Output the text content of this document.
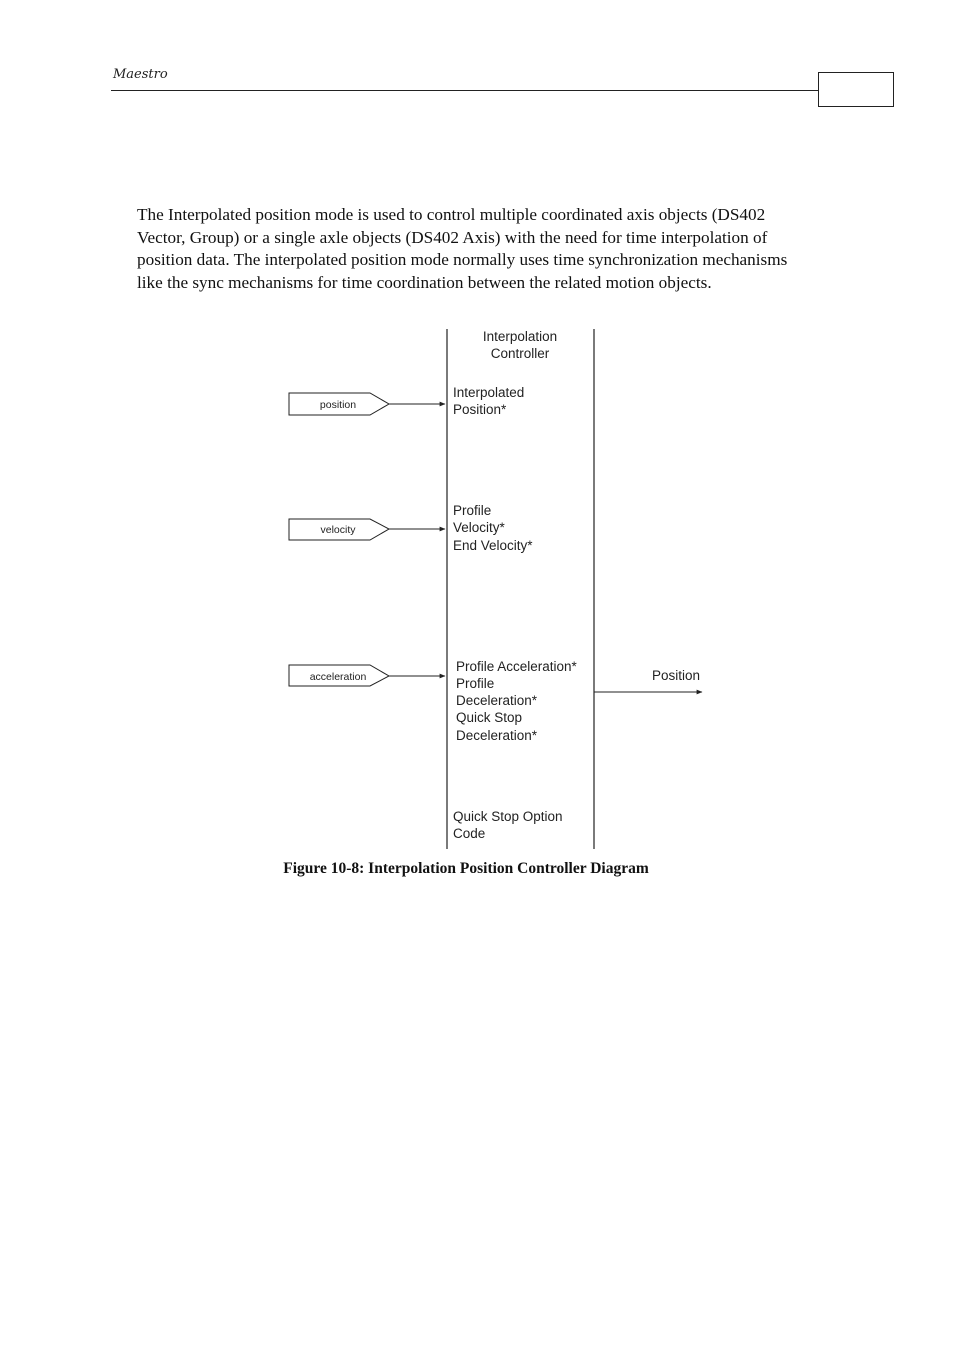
Maestro

The Interpolated position mode is used to control multiple coordinated axis objects (DS402 Vector, Group) or a single axle objects (DS402 Axis) with the need for time interpolation of position data. The interpolated position mode normally uses time synchronization mechanisms like the sync mechanisms for time coordination between the related motion objects.

Interpolation
Controller
position
Interpolated
Position*
velocity
Profile
Velocity*
End Velocity*
acceleration
Profile Acceleration*
Profile
Deceleration*
Quick Stop
Deceleration*
Quick Stop Option
Code
Position
Figure 10-8: Interpolation Position Controller Diagram
